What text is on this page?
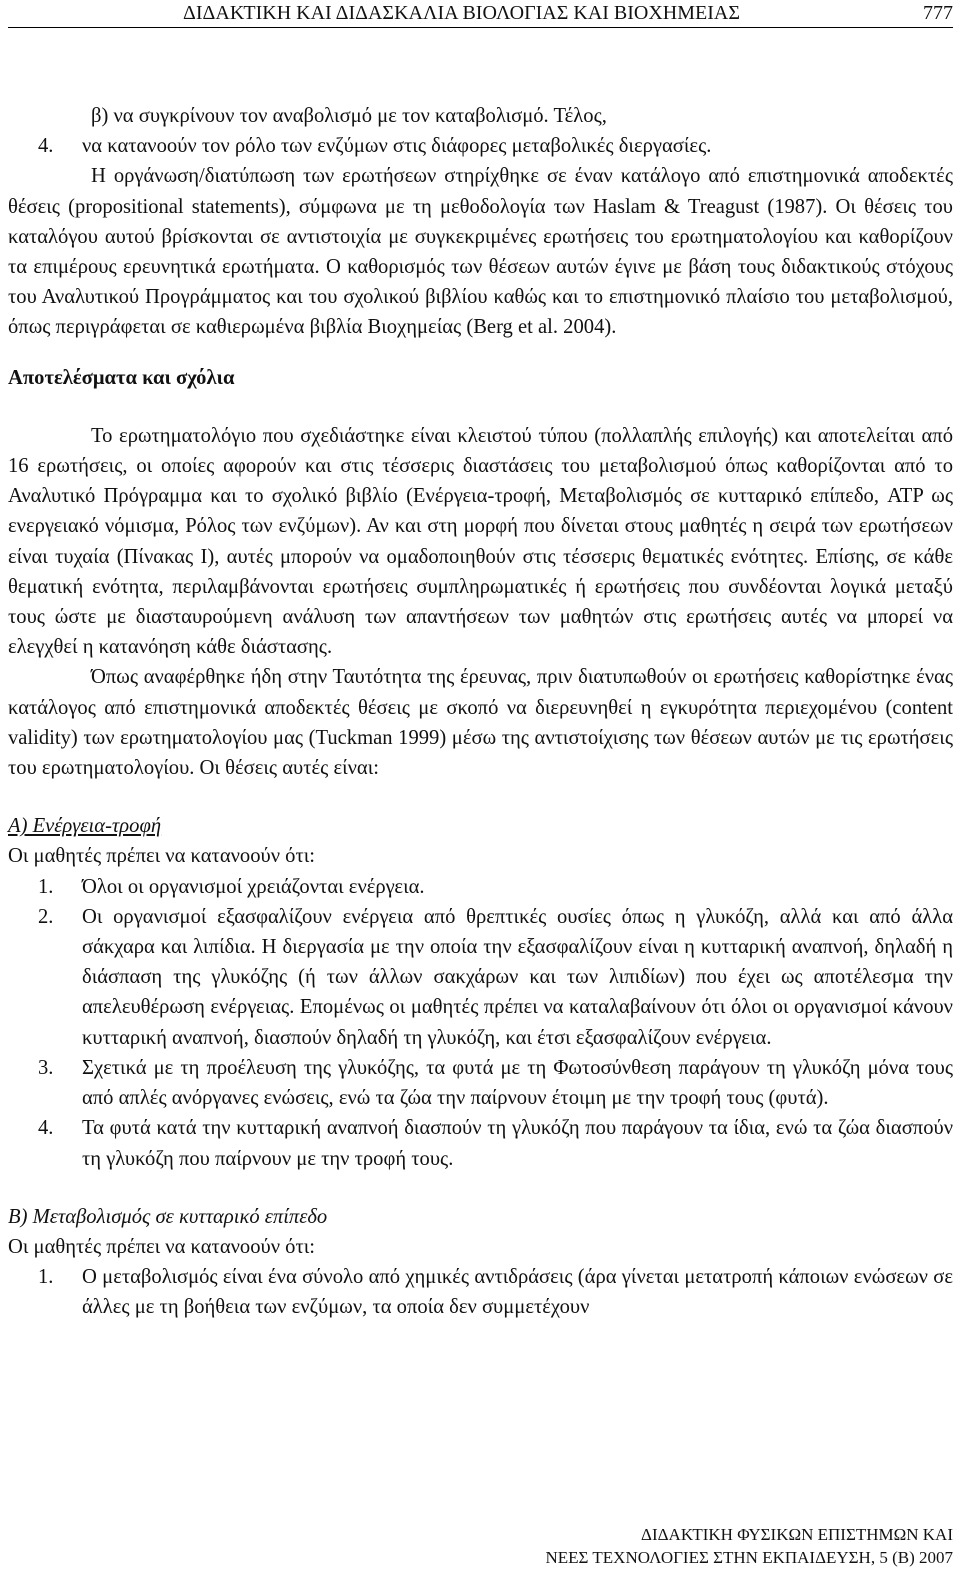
ΔΙΔΑΚΤΙΚΗ ΚΑΙ ΔΙΔΑΣΚΑΛΙΑ ΒΙΟΛΟΓΙΑΣ ΚΑΙ ΒΙΟΧΗΜΕΙΑΣ	777

β) να συγκρίνουν τον αναβολισμό με τον καταβολισμό. Τέλος,

4. να κατανοούν τον ρόλο των ενζύμων στις διάφορες μεταβολικές διεργασίες.

Η οργάνωση/διατύπωση των ερωτήσεων στηρίχθηκε σε έναν κατάλογο από επιστημονικά αποδεκτές θέσεις (propositional statements), σύμφωνα με τη μεθοδολογία των Haslam & Treagust (1987). Οι θέσεις του καταλόγου αυτού βρίσκονται σε αντιστοιχία με συγκεκριμένες ερωτήσεις του ερωτηματολογίου και καθορίζουν τα επιμέρους ερευνητικά ερωτήματα. Ο καθορισμός των θέσεων αυτών έγινε με βάση τους διδακτικούς στόχους του Αναλυτικού Προγράμματος και του σχολικού βιβλίου καθώς και το επιστημονικό πλαίσιο του μεταβολισμού, όπως περιγράφεται σε καθιερωμένα βιβλία Βιοχημείας (Berg et al. 2004).

Αποτελέσματα και σχόλια

Το ερωτηματολόγιο που σχεδιάστηκε είναι κλειστού τύπου (πολλαπλής επιλογής) και αποτελείται από 16 ερωτήσεις, οι οποίες αφορούν και στις τέσσερις διαστάσεις του μεταβολισμού όπως καθορίζονται από το Αναλυτικό Πρόγραμμα και το σχολικό βιβλίο (Ενέργεια-τροφή, Μεταβολισμός σε κυτταρικό επίπεδο, ATP ως ενεργειακό νόμισμα, Ρόλος των ενζύμων). Αν και στη μορφή που δίνεται στους μαθητές η σειρά των ερωτήσεων είναι τυχαία (Πίνακας Ι), αυτές μπορούν να ομαδοποιηθούν στις τέσσερις θεματικές ενότητες. Επίσης, σε κάθε θεματική ενότητα, περιλαμβάνονται ερωτήσεις συμπληρωματικές ή ερωτήσεις που συνδέονται λογικά μεταξύ τους ώστε με διασταυρούμενη ανάλυση των απαντήσεων των μαθητών στις ερωτήσεις αυτές να μπορεί να ελεγχθεί η κατανόηση κάθε διάστασης.

Όπως αναφέρθηκε ήδη στην Ταυτότητα της έρευνας, πριν διατυπωθούν οι ερωτήσεις καθορίστηκε ένας κατάλογος από επιστημονικά αποδεκτές θέσεις με σκοπό να διερευνηθεί η εγκυρότητα περιεχομένου (content validity) των ερωτηματολογίου μας (Tuckman 1999) μέσω της αντιστοίχισης των θέσεων αυτών με τις ερωτήσεις του ερωτηματολογίου. Οι θέσεις αυτές είναι:

Α) Ενέργεια-τροφή

Οι μαθητές πρέπει να κατανοούν ότι:

1. Όλοι οι οργανισμοί χρειάζονται ενέργεια.
2. Οι οργανισμοί εξασφαλίζουν ενέργεια από θρεπτικές ουσίες όπως η γλυκόζη, αλλά και από άλλα σάκχαρα και λιπίδια. Η διεργασία με την οποία την εξασφαλίζουν είναι η κυτταρική αναπνοή, δηλαδή η διάσπαση της γλυκόζης (ή των άλλων σακχάρων και των λιπιδίων) που έχει ως αποτέλεσμα την απελευθέρωση ενέργειας. Επομένως οι μαθητές πρέπει να καταλαβαίνουν ότι όλοι οι οργανισμοί κάνουν κυτταρική αναπνοή, διασπούν δηλαδή τη γλυκόζη, και έτσι εξασφαλίζουν ενέργεια.
3. Σχετικά με τη προέλευση της γλυκόζης, τα φυτά με τη Φωτοσύνθεση παράγουν τη γλυκόζη μόνα τους από απλές ανόργανες ενώσεις, ενώ τα ζώα την παίρνουν έτοιμη με την τροφή τους (φυτά).
4. Τα φυτά κατά την κυτταρική αναπνοή διασπούν τη γλυκόζη που παράγουν τα ίδια, ενώ τα ζώα διασπούν τη γλυκόζη που παίρνουν με την τροφή τους.

Β) Μεταβολισμός σε κυτταρικό επίπεδο

Οι μαθητές πρέπει να κατανοούν ότι:

1. Ο μεταβολισμός είναι ένα σύνολο από χημικές αντιδράσεις (άρα γίνεται μετατροπή κάποιων ενώσεων σε άλλες με τη βοήθεια των ενζύμων, τα οποία δεν συμμετέχουν
ΔΙΔΑΚΤΙΚΗ ΦΥΣΙΚΩΝ ΕΠΙΣΤΗΜΩΝ ΚΑΙ
ΝΕΕΣ ΤΕΧΝΟΛΟΓΙΕΣ ΣΤΗΝ ΕΚΠΑΙΔΕΥΣΗ, 5 (Β) 2007
